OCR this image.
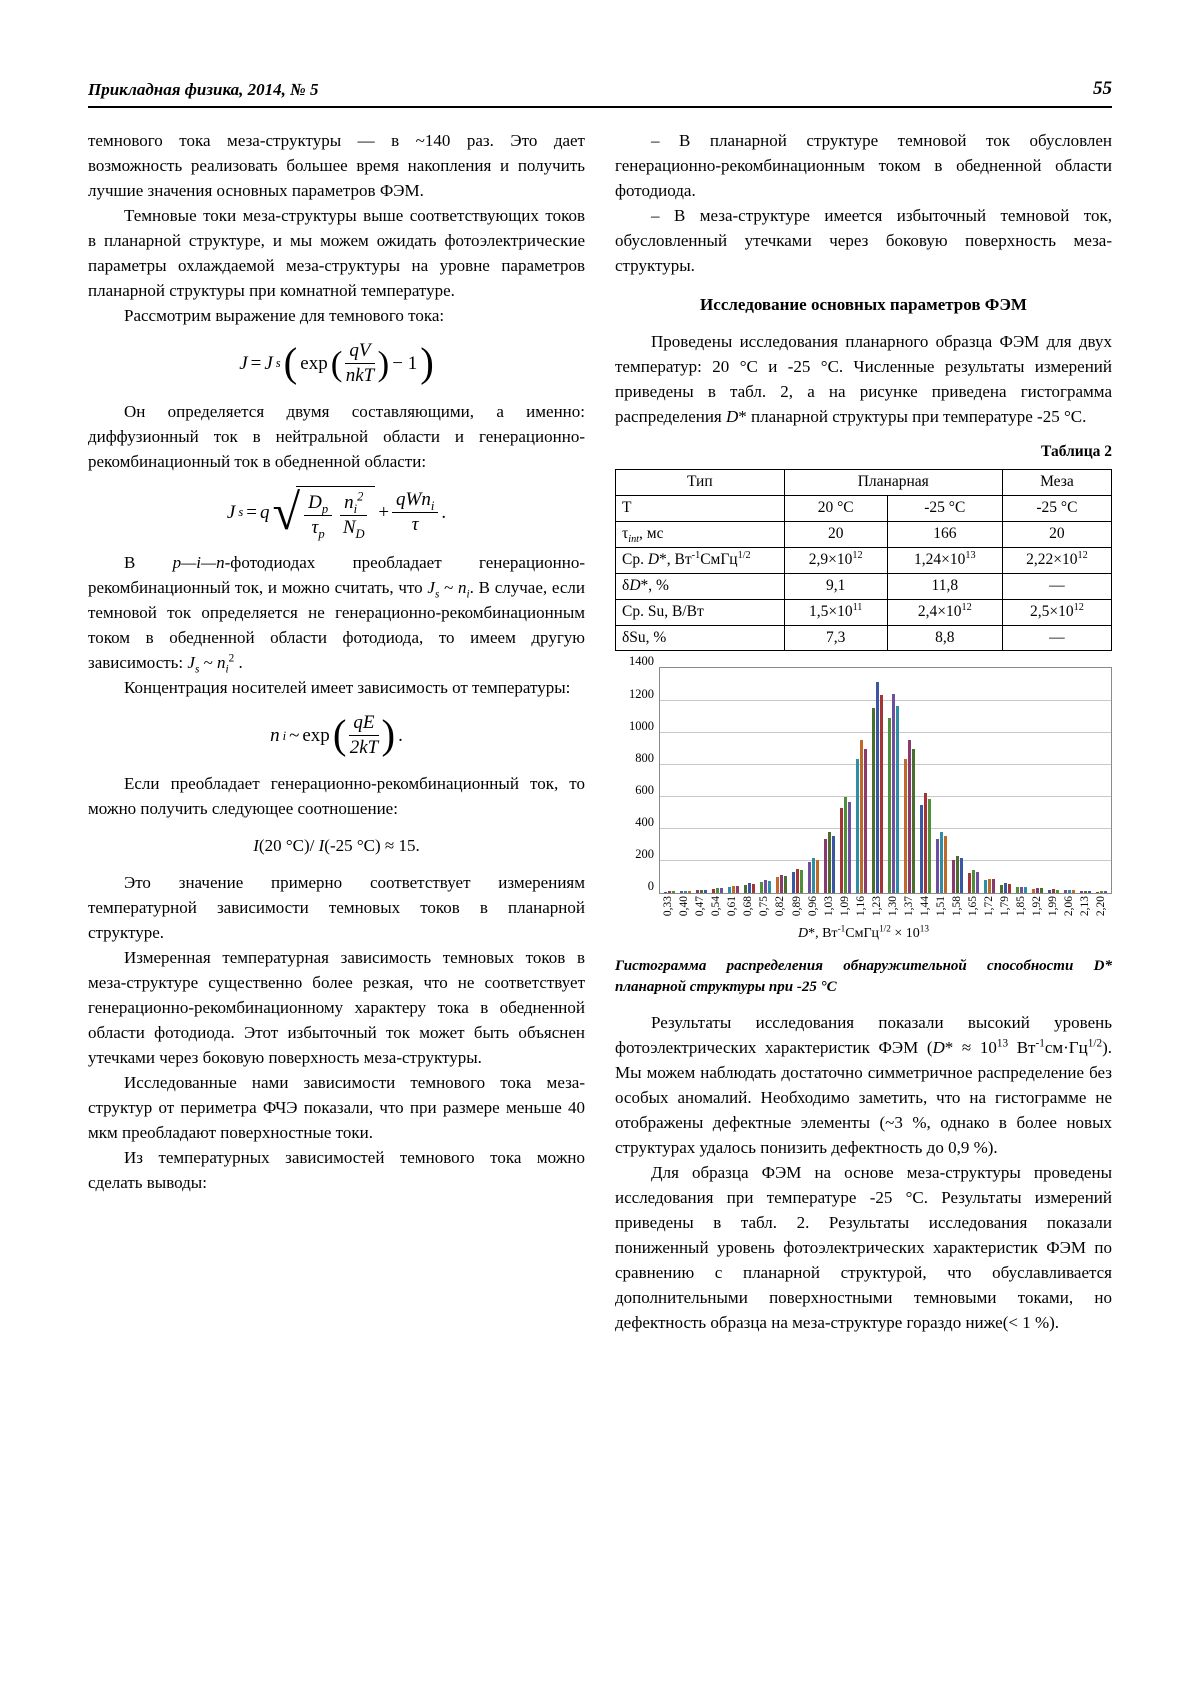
Прикладная физика, 2014, № 5	55

темнового тока меза-структуры — в ~140 раз. Это дает возможность реализовать большее время накопления и получить лучшие значения основных параметров ФЭМ.

Темновые токи меза-структуры выше соответствующих токов в планарной структуре, и мы можем ожидать фотоэлектрические параметры охлаждаемой меза-структуры на уровне параметров планарной структуры при комнатной температуре.

Рассмотрим выражение для темнового тока:

J = J s ( exp ( $\frac{qV}{\text{nkT}}$ ) − 1 )

Он определяется двумя составляющими, а именно: диффузионный ток в нейтральной области и генерационно-рекомбинационный ток в обедненной области:

J s = q √ $\frac{D_p}{\tau_p} \frac{n_i^2}{N_D} + \frac{qWn_i}{\tau}$ .

В p—i—n-фотодиодах преобладает генерационно-рекомбинационный ток, и можно считать, что $J_s$ ~ $n_i$. В случае, если темновой ток определяется не генерационно-рекомбинационным током в обедненной области фотодиода, то имеем другую зависимость: $J_s$ ~ $n_i^2$ .

Концентрация носителей имеет зависимость от температуры:

n i ~ exp ( $\frac{qE}{2kT}$ ) .

Если преобладает генерационно-рекомбинационный ток, то можно получить следующее соотношение:

I(20 °C)/ I(-25 °C) ≈ 15.

Это значение примерно соответствует измерениям температурной зависимости темновых токов в планарной структуре.

Измеренная температурная зависимость темновых токов в меза-структуре существенно более резкая, что не соответствует генерационно-рекомбинационному характеру тока в обедненной области фотодиода. Этот избыточный ток может быть объяснен утечками через боковую поверхность меза-структуры.

Исследованные нами зависимости темнового тока меза-структур от периметра ФЧЭ показали, что при размере меньше 40 мкм преобладают поверхностные токи.

Из температурных зависимостей темнового тока можно сделать выводы:

– В планарной структуре темновой ток обусловлен генерационно-рекомбинационным током в обедненной области фотодиода.

– В меза-структуре имеется избыточный темновой ток, обусловленный утечками через боковую поверхность меза-структуры.

Исследование основных параметров ФЭМ

Проведены исследования планарного образца ФЭМ для двух температур: 20 °С и -25 °С. Численные результаты измерений приведены в табл. 2, а на рисунке приведена гистограмма распределения D* планарной структуры при температуре -25 °С.

Таблица 2
Тип	Планарная		Меза
Т	20 °С	-25 °С	-25 °С
$\tau_{int}$, мс	20	166	20
Ср. D*, $Вт^{-1}СмГц^{1/2}$	$2,9\times 10^{12}$	$1,24\times 10^{13}$	$2,22\times 10^{12}$
δD*, %	9,1	11,8	—
Ср. Su, В/Вт	$1,5\times 10^{11}$	$2,4\times 10^{12}$	$2,5\times 10^{12}$
δSu, %	7,3	8,8	—
0
200
400
600
800
1000
1200
1400
0,33 0,40 0,47 0,54 0,61 0,68 0,75 0,82 0,89 0,96 1,03 1,09 1,16 1,23 1,30 1,37 1,44 1,51 1,58 1,65 1,72 1,79 1,85 1,92 1,99 2,06 2,13 2,20
D*, $Вт^{-1}СмГц^{1/2} \times 10^{13}$

Гистограмма распределения обнаружительной способности D* планарной структуры при -25 °С

Результаты исследования показали высокий уровень фотоэлектрических характеристик ФЭМ ($D* \approx 10^{13}$ $Вт^{-1}см\cdot Гц^{1/2}$). Мы можем наблюдать достаточно симметричное распределение без особых аномалий. Необходимо заметить, что на гистограмме не отображены дефектные элементы (~3 %, однако в более новых структурах удалось понизить дефектность до 0,9 %).

Для образца ФЭМ на основе меза-структуры проведены исследования при температуре -25 °С. Результаты измерений приведены в табл. 2. Результаты исследования показали пониженный уровень фотоэлектрических характеристик ФЭМ по сравнению с планарной структурой, что обуславливается дополнительными поверхностными темновыми токами, но дефектность образца на меза-структуре гораздо ниже(< 1 %).
